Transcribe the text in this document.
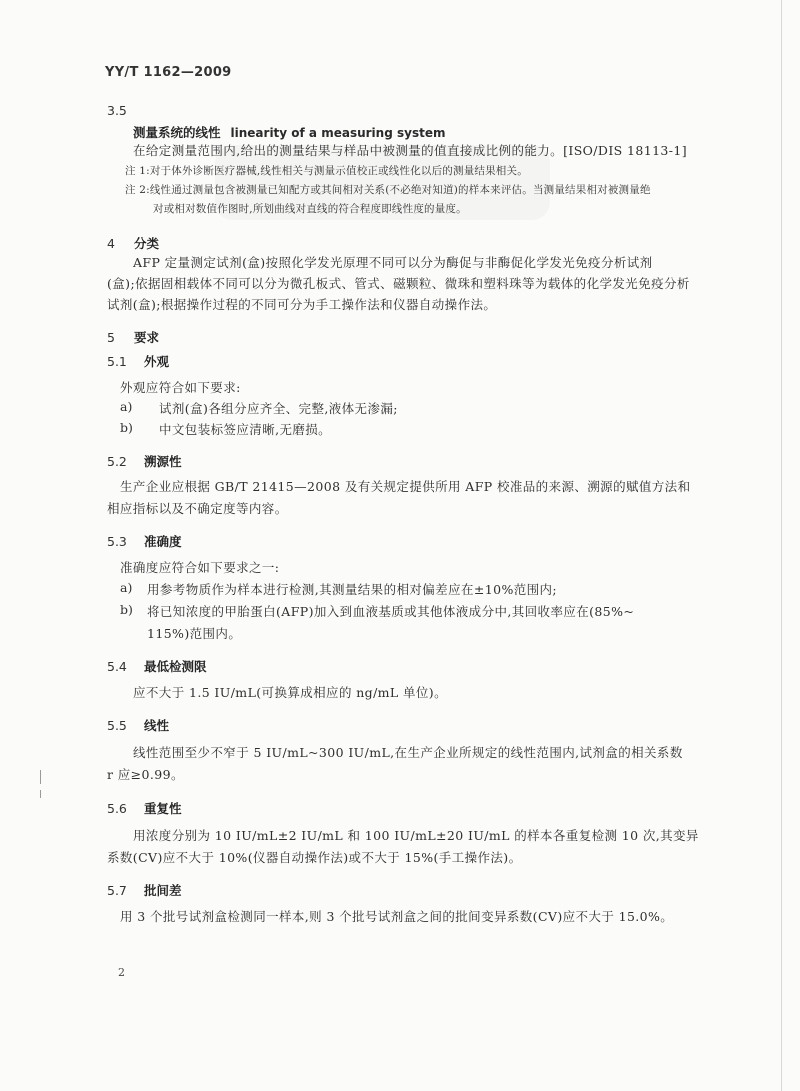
YY/T 1162—2009
3.5
测量系统的线性 linearity of a measuring system
在给定测量范围内,给出的测量结果与样品中被测量的值直接成比例的能力。[ISO/DIS 18113-1]
注 1:对于体外诊断医疗器械,线性相关与测量示值校正或线性化以后的测量结果相关。
注 2:线性通过测量包含被测量已知配方或其间相对关系(不必绝对知道)的样本来评估。当测量结果相对被测量绝
对或相对数值作图时,所划曲线对直线的符合程度即线性度的量度。
4 分类
AFP 定量测定试剂(盒)按照化学发光原理不同可以分为酶促与非酶促化学发光免疫分析试剂
(盒);依据固相载体不同可以分为微孔板式、管式、磁颗粒、微珠和塑料珠等为载体的化学发光免疫分析
试剂(盒);根据操作过程的不同可分为手工操作法和仪器自动操作法。
5 要求
5.1 外观
外观应符合如下要求:
a) 试剂(盒)各组分应齐全、完整,液体无渗漏;
b) 中文包装标签应清晰,无磨损。
5.2 溯源性
生产企业应根据 GB/T 21415—2008 及有关规定提供所用 AFP 校准品的来源、溯源的赋值方法和
相应指标以及不确定度等内容。
5.3 准确度
准确度应符合如下要求之一:
a) 用参考物质作为样本进行检测,其测量结果的相对偏差应在±10%范围内;
b) 将已知浓度的甲胎蛋白(AFP)加入到血液基质或其他体液成分中,其回收率应在(85%~
115%)范围内。
5.4 最低检测限
应不大于 1.5 IU/mL(可换算成相应的 ng/mL 单位)。
5.5 线性
线性范围至少不窄于 5 IU/mL~300 IU/mL,在生产企业所规定的线性范围内,试剂盒的相关系数
r 应≥0.99。
5.6 重复性
用浓度分别为 10 IU/mL±2 IU/mL 和 100 IU/mL±20 IU/mL 的样本各重复检测 10 次,其变异
系数(CV)应不大于 10%(仪器自动操作法)或不大于 15%(手工操作法)。
5.7 批间差
用 3 个批号试剂盒检测同一样本,则 3 个批号试剂盒之间的批间变异系数(CV)应不大于 15.0%。
2
